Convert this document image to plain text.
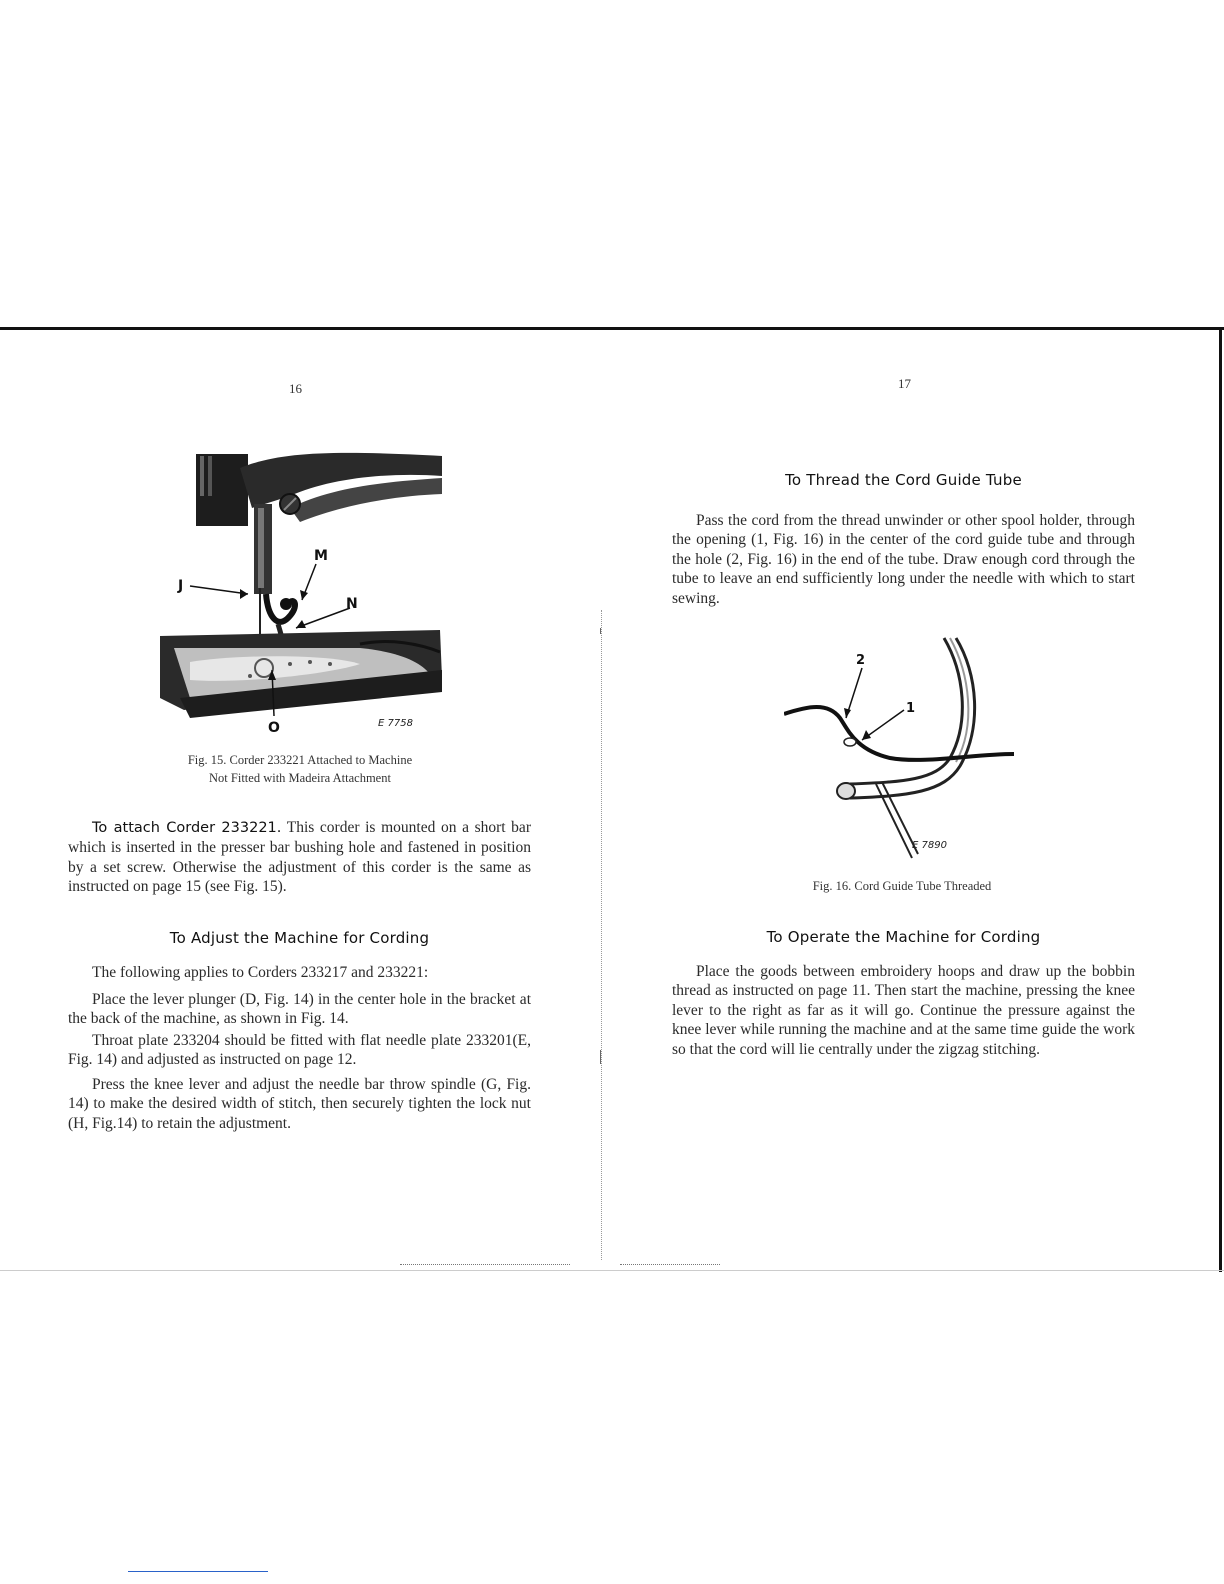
16
J
M
N
O	E 7758
Fig. 15. Corder 233221 Attached to Machine
Not Fitted with Madeira Attachment

To attach Corder 233221. This corder is mounted on a short bar which is inserted in the presser bar bushing hole and fastened in position by a set screw. Otherwise the adjustment of this corder is the same as instructed on page 15 (see Fig. 15).

To Adjust the Machine for Cording

The following applies to Corders 233217 and 233221:

Place the lever plunger (D, Fig. 14) in the center hole in the bracket at the back of the machine, as shown in Fig. 14.

Throat plate 233204 should be fitted with flat needle plate 233201(E, Fig. 14) and adjusted as instructed on page 12.

Press the knee lever and adjust the needle bar throw spindle (G, Fig. 14) to make the desired width of stitch, then securely tighten the lock nut (H, Fig.14) to retain the adjustment.

17
To Thread the Cord Guide Tube

Pass the cord from the thread unwinder or other spool holder, through the opening (1, Fig. 16) in the center of the cord guide tube and through the hole (2, Fig. 16) in the end of the tube. Draw enough cord through the tube to leave an end sufficiently long under the needle with which to start sewing.

2
1
E 7890
Fig. 16. Cord Guide Tube Threaded
To Operate the Machine for Cording

Place the goods between embroidery hoops and draw up the bobbin thread as instructed on page 11. Then start the machine, pressing the knee lever to the right as far as it will go. Continue the pressure against the knee lever while running the machine and at the same time guide the work so that the cord will lie centrally under the zigzag stitching.
